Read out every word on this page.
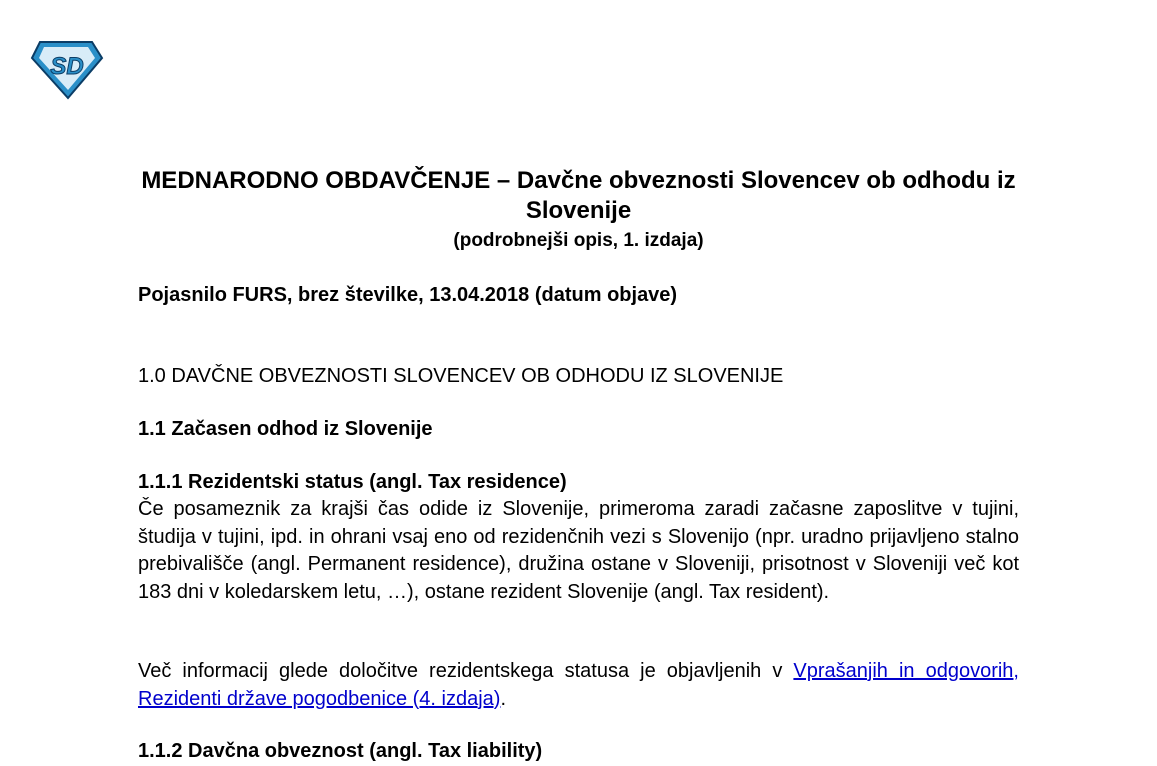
SD
MEDNARODNO OBDAVČENJE – Davčne obveznosti Slovencev ob odhodu iz Slovenije
(podrobnejši opis, 1. izdaja)
Pojasnilo FURS, brez številke, 13.04.2018 (datum objave)
1.0 DAVČNE OBVEZNOSTI SLOVENCEV OB ODHODU IZ SLOVENIJE
1.1 Začasen odhod iz Slovenije
1.1.1 Rezidentski status (angl. Tax residence)
Če posameznik za krajši čas odide iz Slovenije, primeroma zaradi začasne zaposlitve v tujini, študija v tujini, ipd. in ohrani vsaj eno od rezidenčnih vezi s Slovenijo (npr. uradno prijavljeno stalno prebivališče (angl. Permanent residence), družina ostane v Sloveniji, prisotnost v Sloveniji več kot 183 dni v koledarskem letu, …), ostane rezident Slovenije (angl. Tax resident).
Več informacij glede določitve rezidentskega statusa je objavljenih v Vprašanjih in odgovorih, Rezidenti države pogodbenice (4. izdaja).
1.1.2 Davčna obveznost (angl. Tax liability)
